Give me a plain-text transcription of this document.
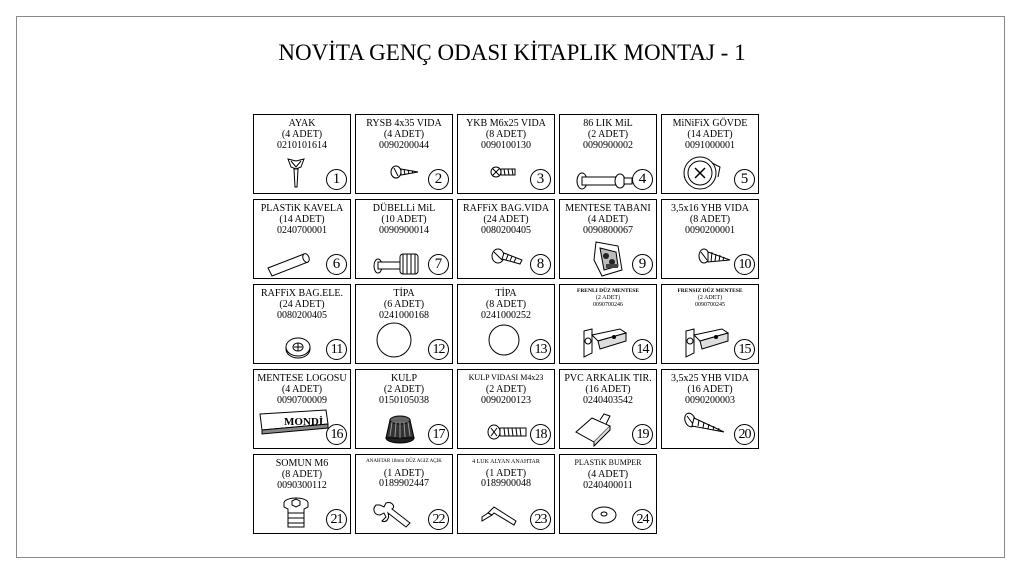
NOVİTA GENÇ ODASI KİTAPLIK MONTAJ - 1
AYAK
(4 ADET)
0210101614
1
RYSB 4x35 VIDA
(4 ADET)
0090200044
2
YKB M6x25 VIDA
(8 ADET)
0090100130
3
86 LIK MiL
(2 ADET)
0090900002
4
MiNiFiX GÖVDE
(14 ADET)
0091000001
5
PLASTiK KAVELA
(14 ADET)
0240700001
6
DÜBELLi MiL
(10 ADET)
0090900014
7
RAFFiX BAG.VIDA
(24 ADET)
0080200405
8
MENTESE TABANI
(4 ADET)
0090800067
9
3,5x16 YHB VIDA
(8 ADET)
0090200001
10
RAFFiX BAG.ELE.
(24 ADET)
0080200405
11
TİPA
(6 ADET)
0241000168
12
TİPA
(8 ADET)
0241000252
13
FRENLI DÜZ MENTESE
(2 ADET)
0090700246
14
FRENSIZ DÜZ MENTESE
(2 ADET)
0090700245
15
MENTESE LOGOSU
(4 ADET)
0090700009
MONDİ
16
KULP
(2 ADET)
0150105038
17
KULP VIDASI M4x23
(2 ADET)
0090200123
18
PVC ARKALIK TIR.
(16 ADET)
0240403542
19
3,5x25 YHB VIDA
(16 ADET)
0090200003
20
SOMUN M6
(8 ADET)
0090300112
21
ANAHTAR 18mm DÜZ AGIZ AÇIK
(1 ADET)
0189902447
22
4 LUK ALYAN ANAHTAR
(1 ADET)
0189900048
23
PLASTiK BUMPER
(4 ADET)
0240400011
24
